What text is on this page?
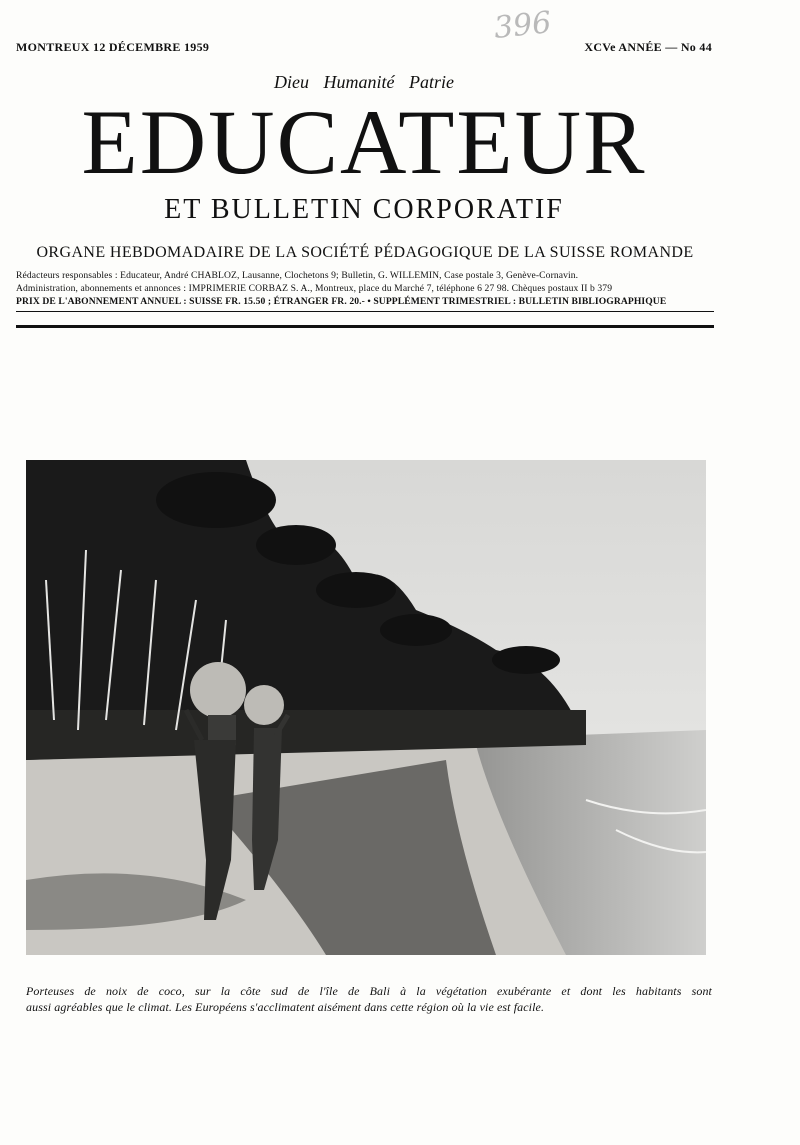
MONTREUX 12 DÉCEMBRE 1959	XCVe ANNÉE — No 44
396
Dieu Humanité Patrie
EDUCATEUR
ET BULLETIN CORPORATIF
ORGANE HEBDOMADAIRE DE LA SOCIÉTÉ PÉDAGOGIQUE DE LA SUISSE ROMANDE
Rédacteurs responsables : Educateur, André CHABLOZ, Lausanne, Clochetons 9; Bulletin, G. WILLEMIN, Case postale 3, Genève-Cornavin.
Administration, abonnements et annonces : IMPRIMERIE CORBAZ S. A., Montreux, place du Marché 7, téléphone 6 27 98. Chèques postaux II b 379
PRIX DE L'ABONNEMENT ANNUEL : SUISSE FR. 15.50 ; ÉTRANGER FR. 20.- • SUPPLÉMENT TRIMESTRIEL : BULLETIN BIBLIOGRAPHIQUE
Porteuses de noix de coco, sur la côte sud de l'île de Bali à la végétation exubérante et dont les habitants sont
aussi agréables que le climat. Les Européens s'acclimatent aisément dans cette région où la vie est facile.
